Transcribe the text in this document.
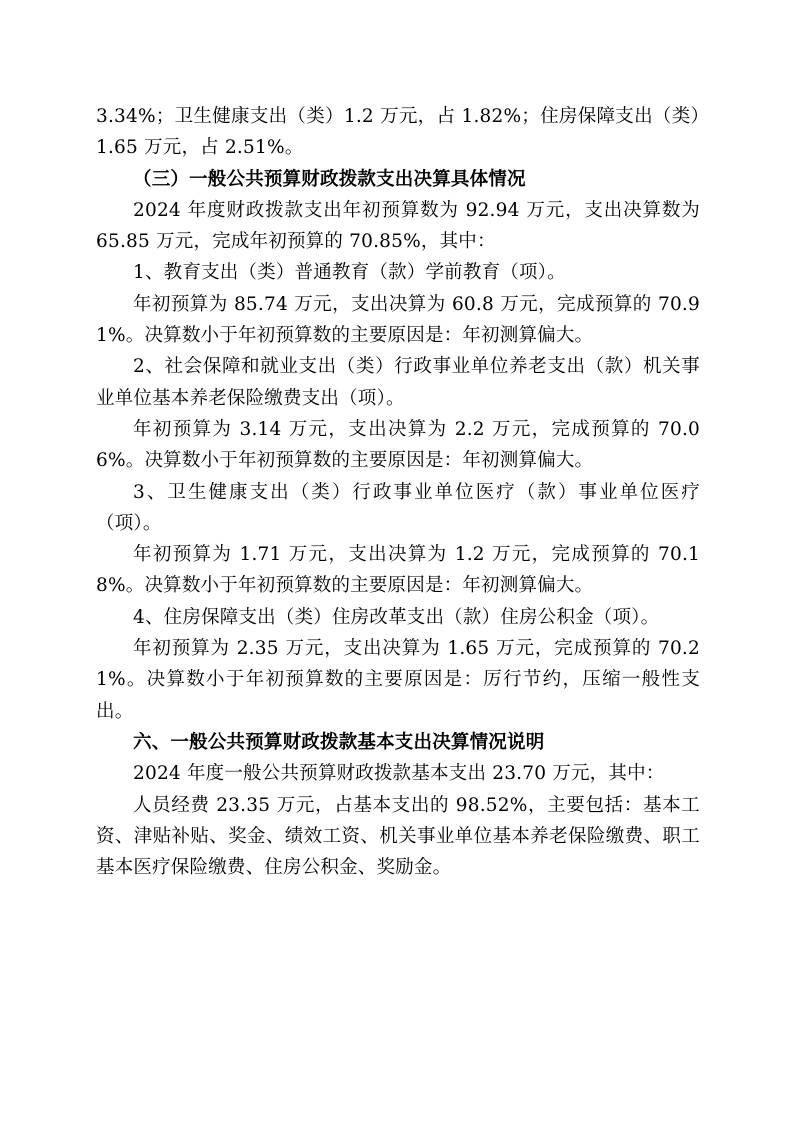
3.34%；卫生健康支出（类）1.2 万元，占 1.82%；住房保障支出（类）1.65 万元，占 2.51%。

（三）一般公共预算财政拨款支出决算具体情况

2024 年度财政拨款支出年初预算数为 92.94 万元，支出决算数为 65.85 万元，完成年初预算的 70.85%，其中：

1、教育支出（类）普通教育（款）学前教育（项）。

年初预算为 85.74 万元，支出决算为 60.8 万元，完成预算的 70.91%。决算数小于年初预算数的主要原因是：年初测算偏大。

2、社会保障和就业支出（类）行政事业单位养老支出（款）机关事业单位基本养老保险缴费支出（项）。

年初预算为 3.14 万元，支出决算为 2.2 万元，完成预算的 70.06%。决算数小于年初预算数的主要原因是：年初测算偏大。

3、卫生健康支出（类）行政事业单位医疗（款）事业单位医疗（项）。

年初预算为 1.71 万元，支出决算为 1.2 万元，完成预算的 70.18%。决算数小于年初预算数的主要原因是：年初测算偏大。

4、住房保障支出（类）住房改革支出（款）住房公积金（项）。

年初预算为 2.35 万元，支出决算为 1.65 万元，完成预算的 70.21%。决算数小于年初预算数的主要原因是：厉行节约，压缩一般性支出。

六、一般公共预算财政拨款基本支出决算情况说明

2024 年度一般公共预算财政拨款基本支出 23.70 万元，其中：

人员经费 23.35 万元，占基本支出的 98.52%，主要包括：基本工资、津贴补贴、奖金、绩效工资、机关事业单位基本养老保险缴费、职工基本医疗保险缴费、住房公积金、奖励金。
